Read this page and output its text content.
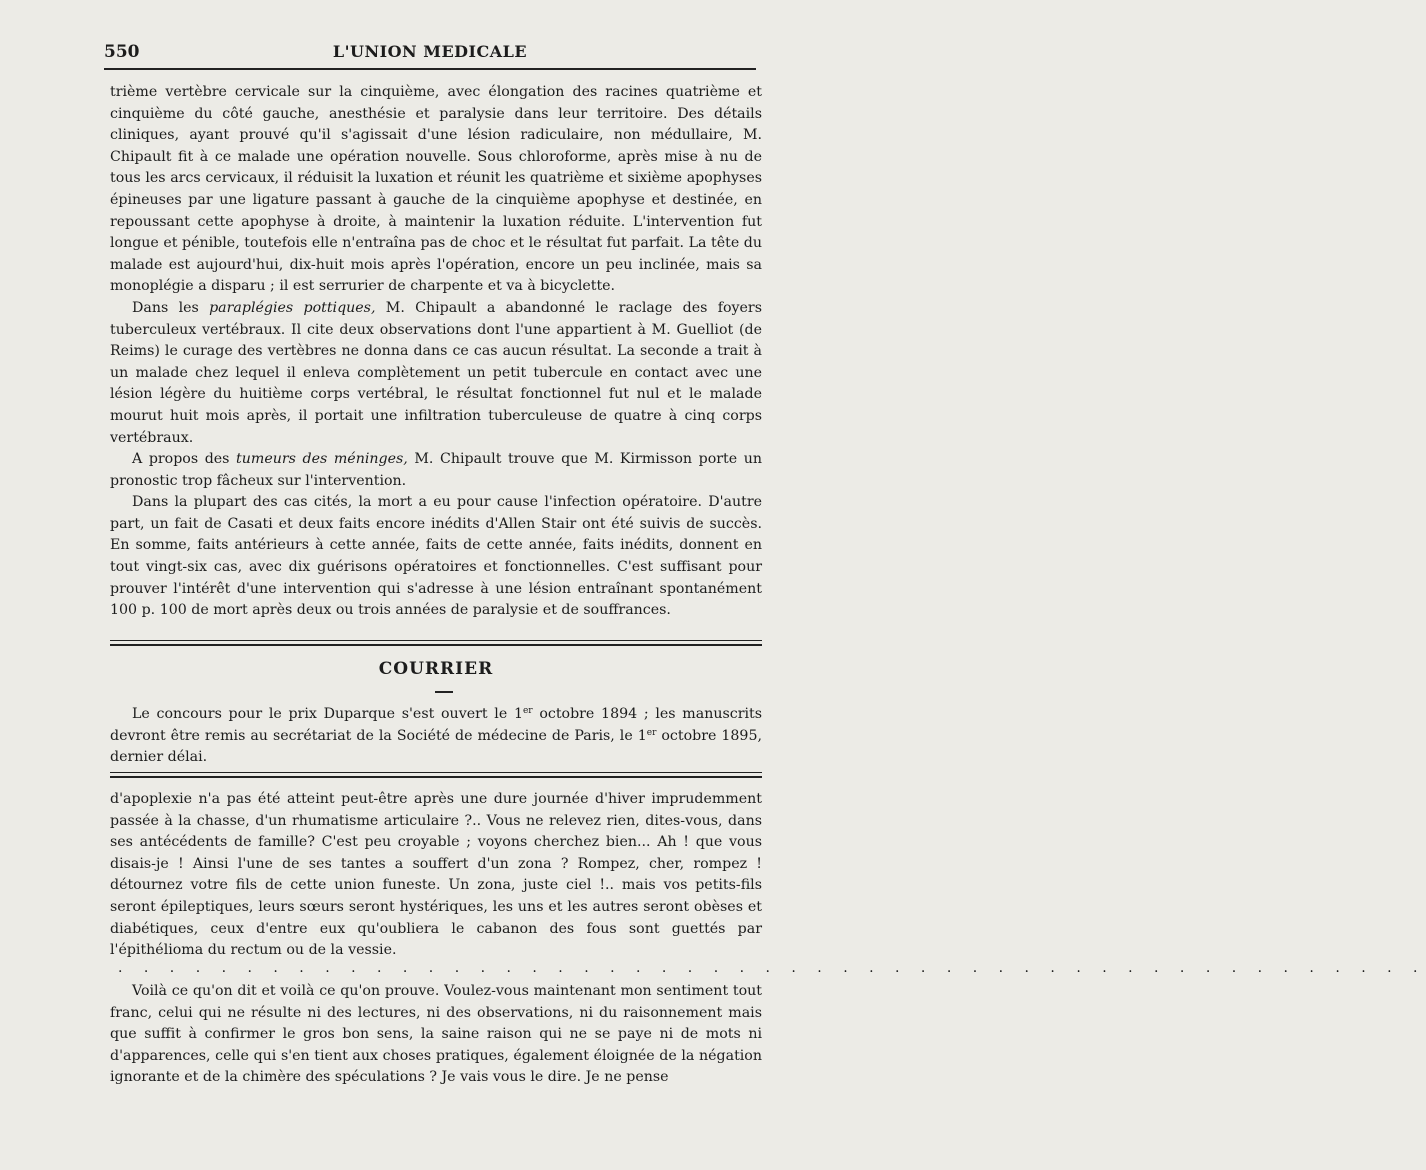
550	L'UNION MEDICALE

trième vertèbre cervicale sur la cinquième, avec élongation des racines quatrième et cinquième du côté gauche, anesthésie et paralysie dans leur territoire. Des détails cliniques, ayant prouvé qu'il s'agissait d'une lésion radiculaire, non médullaire, M. Chipault fit à ce malade une opération nouvelle. Sous chloroforme, après mise à nu de tous les arcs cervicaux, il réduisit la luxation et réunit les quatrième et sixième apophyses épineuses par une ligature passant à gauche de la cinquième apophyse et destinée, en repoussant cette apophyse à droite, à maintenir la luxation réduite. L'intervention fut longue et pénible, toutefois elle n'entraîna pas de choc et le résultat fut parfait. La tête du malade est aujourd'hui, dix-huit mois après l'opération, encore un peu inclinée, mais sa monoplégie a disparu ; il est serrurier de charpente et va à bicyclette.

Dans les paraplégies pottiques, M. Chipault a abandonné le raclage des foyers tuberculeux vertébraux. Il cite deux observations dont l'une appartient à M. Guelliot (de Reims) le curage des vertèbres ne donna dans ce cas aucun résultat. La seconde a trait à un malade chez lequel il enleva complètement un petit tubercule en contact avec une lésion légère du huitième corps vertébral, le résultat fonctionnel fut nul et le malade mourut huit mois après, il portait une infiltration tuberculeuse de quatre à cinq corps vertébraux.

A propos des tumeurs des méninges, M. Chipault trouve que M. Kirmisson porte un pronostic trop fâcheux sur l'intervention.

Dans la plupart des cas cités, la mort a eu pour cause l'infection opératoire. D'autre part, un fait de Casati et deux faits encore inédits d'Allen Stair ont été suivis de succès. En somme, faits antérieurs à cette année, faits de cette année, faits inédits, donnent en tout vingt-six cas, avec dix guérisons opératoires et fonctionnelles. C'est suffisant pour prouver l'intérêt d'une intervention qui s'adresse à une lésion entraînant spontanément 100 p. 100 de mort après deux ou trois années de paralysie et de souffrances.

COURRIER

Le concours pour le prix Duparque s'est ouvert le 1er octobre 1894 ; les manuscrits devront être remis au secrétariat de la Société de médecine de Paris, le 1er octobre 1895, dernier délai.

d'apoplexie n'a pas été atteint peut-être après une dure journée d'hiver imprudemment passée à la chasse, d'un rhumatisme articulaire ?.. Vous ne relevez rien, dites-vous, dans ses antécédents de famille? C'est peu croyable ; voyons cherchez bien... Ah ! que vous disais-je ! Ainsi l'une de ses tantes a souffert d'un zona ? Rompez, cher, rompez ! détournez votre fils de cette union funeste. Un zona, juste ciel !.. mais vos petits-fils seront épileptiques, leurs sœurs seront hystériques, les uns et les autres seront obèses et diabétiques, ceux d'entre eux qu'oubliera le cabanon des fous sont guettés par l'épithélioma du rectum ou de la vessie.

. . . . . . . . . . . . . . . . . . . . . . . . . . . . . . . . . . . . . . . . . . . . . . . . . . .

Voilà ce qu'on dit et voilà ce qu'on prouve. Voulez-vous maintenant mon sentiment tout franc, celui qui ne résulte ni des lectures, ni des observations, ni du raisonnement mais que suffit à confirmer le gros bon sens, la saine raison qui ne se paye ni de mots ni d'apparences, celle qui s'en tient aux choses pratiques, également éloignée de la négation ignorante et de la chimère des spéculations ? Je vais vous le dire. Je ne pense
